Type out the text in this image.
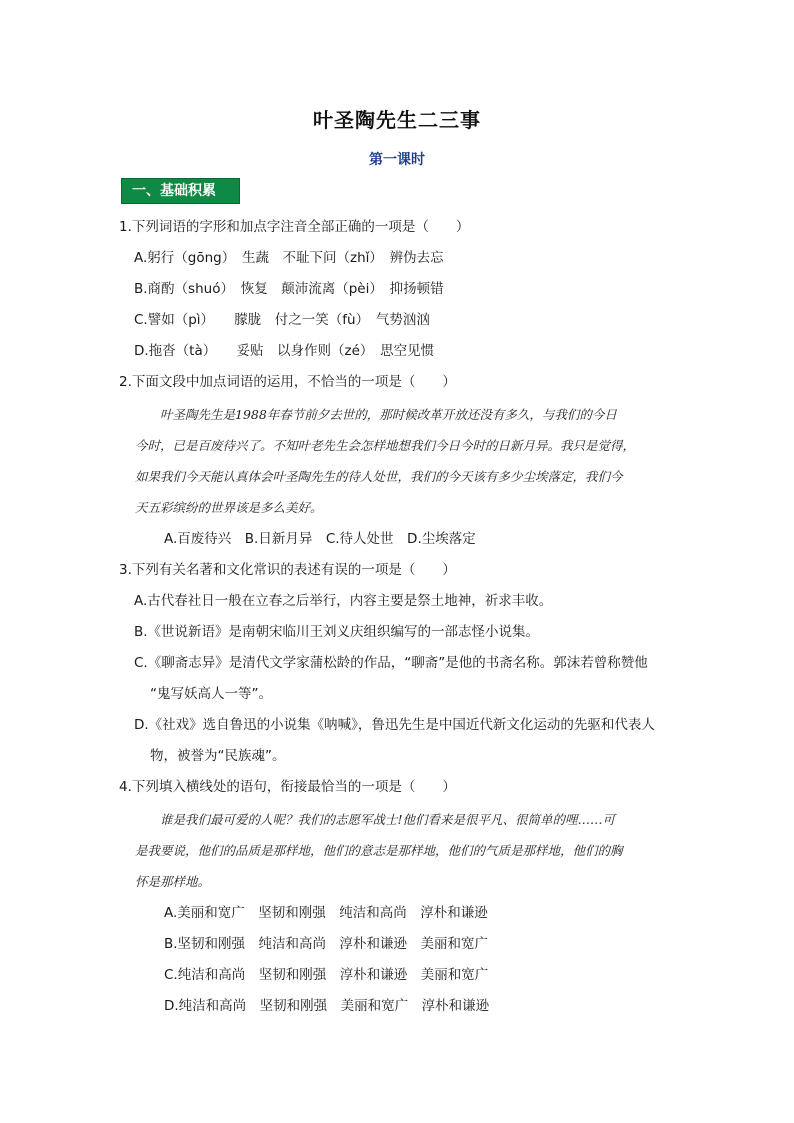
叶圣陶先生二三事
第一课时
一、基础积累
1.下列词语的字形和加点字注音全部正确的一项是（　　）
A.躬行（gōng）　生蔬　不耻下问（zhǐ）　辨伪去忘
B.商酌（shuó）　恢复　颠沛流离（pèi）　抑扬顿错
C.譬如（pì）　　朦胧　付之一笑（fù）　气势汹汹
D.拖沓（tà）　　妥贴　以身作则（zé）　思空见惯
2.下面文段中加点词语的运用，不恰当的一项是（　　）
叶圣陶先生是1988年春节前夕去世的，那时候改革开放还没有多久，与我们的今日
今时，已是百废待兴了。不知叶老先生会怎样地想我们今日今时的日新月异。我只是觉得，
如果我们今天能认真体会叶圣陶先生的待人处世，我们的今天该有多少尘埃落定，我们今
天五彩缤纷的世界该是多么美好。
A.百废待兴　B.日新月异　C.待人处世　D.尘埃落定
3.下列有关名著和文化常识的表述有误的一项是（　　）
A.古代春社日一般在立春之后举行，内容主要是祭土地神，祈求丰收。
B.《世说新语》是南朝宋临川王刘义庆组织编写的一部志怪小说集。
C.《聊斋志异》是清代文学家蒲松龄的作品，“聊斋”是他的书斋名称。郭沫若曾称赞他
“鬼写妖高人一等”。
D.《社戏》选自鲁迅的小说集《呐喊》，鲁迅先生是中国近代新文化运动的先驱和代表人
物，被誉为“民族魂”。
4.下列填入横线处的语句，衔接最恰当的一项是（　　）
谁是我们最可爱的人呢？我们的志愿军战士!他们看来是很平凡、很简单的哩……可
是我要说，他们的品质是那样地，他们的意志是那样地，他们的气质是那样地，他们的胸
怀是那样地。
A.美丽和宽广　坚韧和刚强　纯洁和高尚　淳朴和谦逊
B.坚韧和刚强　纯洁和高尚　淳朴和谦逊　美丽和宽广
C.纯洁和高尚　坚韧和刚强　淳朴和谦逊　美丽和宽广
D.纯洁和高尚　坚韧和刚强　美丽和宽广　淳朴和谦逊
